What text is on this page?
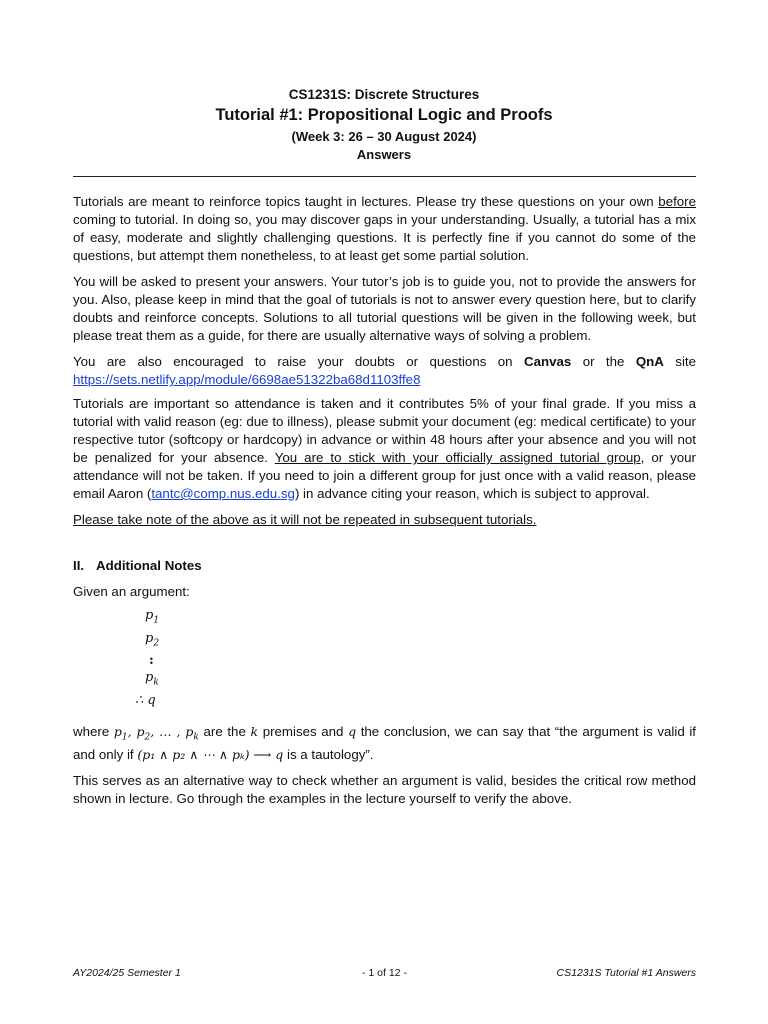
CS1231S: Discrete Structures
Tutorial #1: Propositional Logic and Proofs
(Week 3: 26 – 30 August 2024)
Answers

Tutorials are meant to reinforce topics taught in lectures. Please try these questions on your own before coming to tutorial. In doing so, you may discover gaps in your understanding. Usually, a tutorial has a mix of easy, moderate and slightly challenging questions. It is perfectly fine if you cannot do some of the questions, but attempt them nonetheless, to at least get some partial solution.

You will be asked to present your answers. Your tutor’s job is to guide you, not to provide the answers for you. Also, please keep in mind that the goal of tutorials is not to answer every question here, but to clarify doubts and reinforce concepts. Solutions to all tutorial questions will be given in the following week, but please treat them as a guide, for there are usually alternative ways of solving a problem.

You are also encouraged to raise your doubts or questions on Canvas or the QnA site https://sets.netlify.app/module/6698ae51322ba68d1103ffe8

Tutorials are important so attendance is taken and it contributes 5% of your final grade. If you miss a tutorial with valid reason (eg: due to illness), please submit your document (eg: medical certificate) to your respective tutor (softcopy or hardcopy) in advance or within 48 hours after your absence and you will not be penalized for your absence. You are to stick with your officially assigned tutorial group, or your attendance will not be taken. If you need to join a different group for just once with a valid reason, please email Aaron (tantc@comp.nus.edu.sg) in advance citing your reason, which is subject to approval.

Please take note of the above as it will not be repeated in subsequent tutorials.

II. Additional Notes

Given an argument:

$p_1$
$p_2$
:
$p_k$
∴ q

where $p_1$, $p_2$, … , $p_k$ are the k premises and q the conclusion, we can say that “the argument is valid if and only if (p₁ ∧ p₂ ∧ ⋯ ∧ pₖ) ⟶ q is a tautology”.

This serves as an alternative way to check whether an argument is valid, besides the critical row method shown in lecture. Go through the examples in the lecture yourself to verify the above.

AY2024/25 Semester 1	- 1 of 12 -	CS1231S Tutorial #1 Answers
